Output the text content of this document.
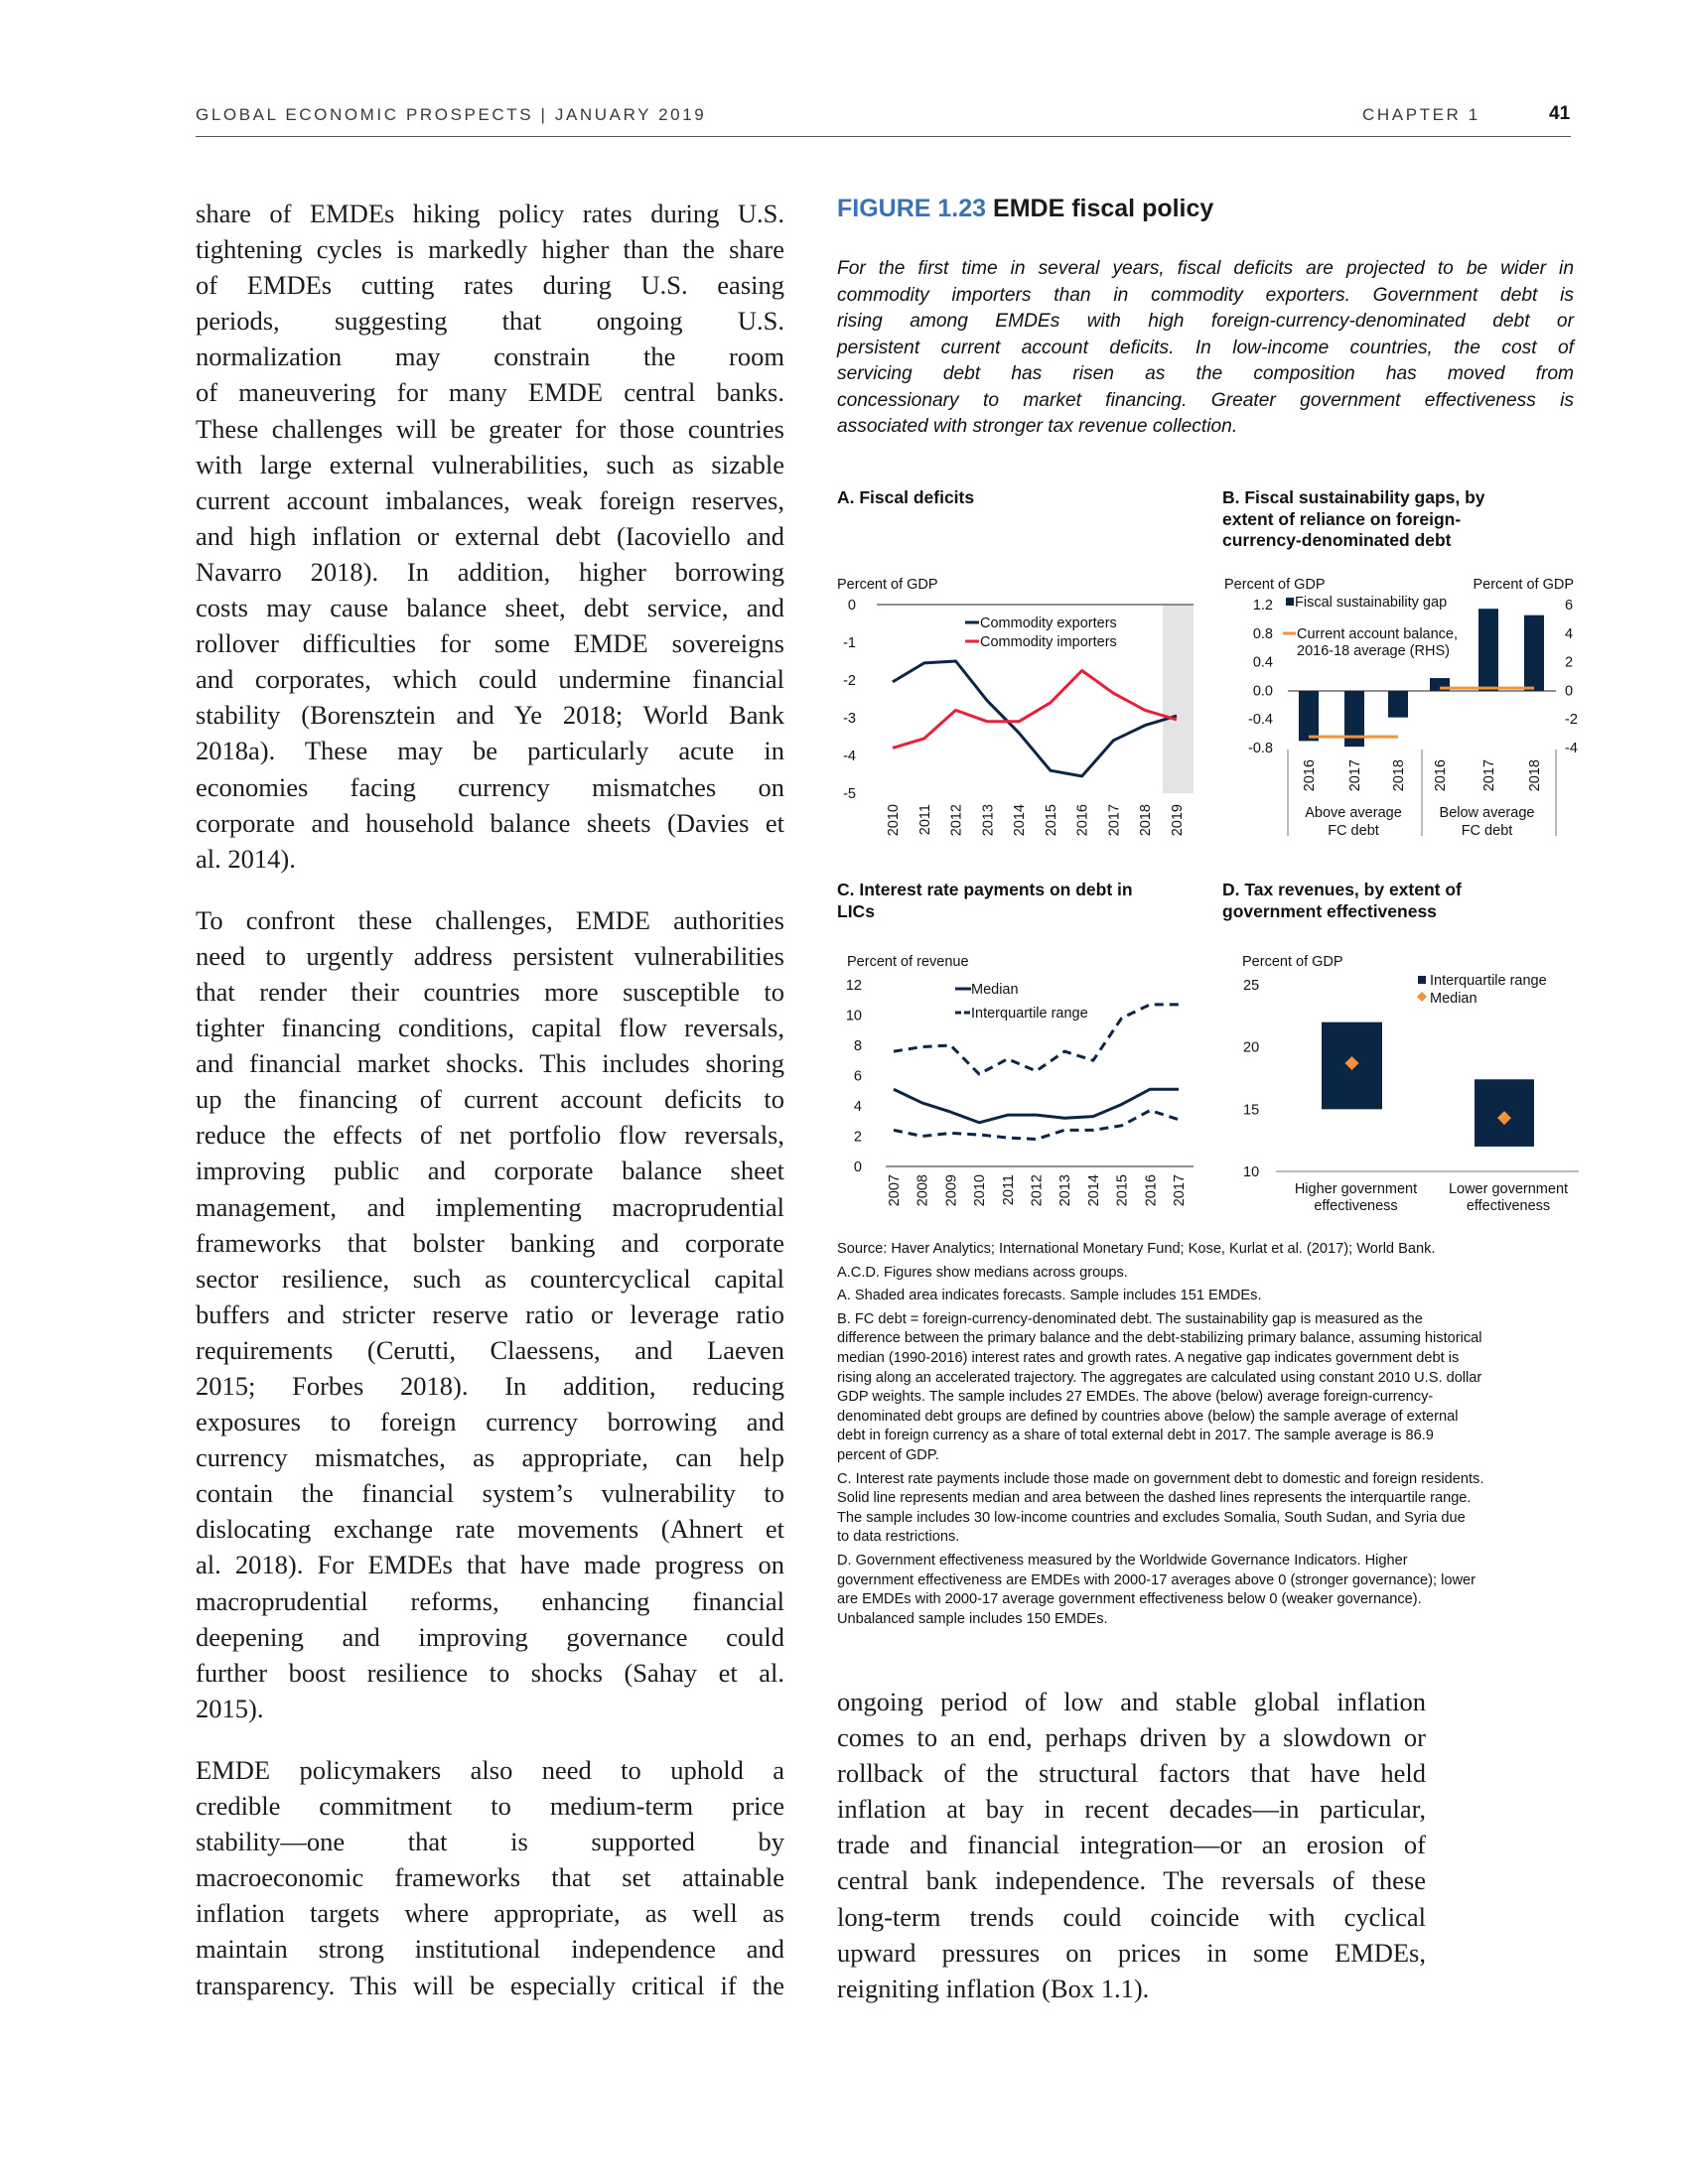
GLOBAL ECONOMIC PROSPECTS | JANUARY 2019	CHAPTER 1	41
share of EMDEs hiking policy rates during U.S.
tightening cycles is markedly higher than the share
of EMDEs cutting rates during U.S. easing
periods, suggesting that ongoing U.S.
normalization may constrain the room
of maneuvering for many EMDE central banks.
These challenges will be greater for those countries
with large external vulnerabilities, such as sizable
current account imbalances, weak foreign reserves,
and high inflation or external debt (Iacoviello and
Navarro 2018). In addition, higher borrowing
costs may cause balance sheet, debt service, and
rollover difficulties for some EMDE sovereigns
and corporates, which could undermine financial
stability (Borensztein and Ye 2018; World Bank
2018a). These may be particularly acute in
economies facing currency mismatches on
corporate and household balance sheets (Davies et
al. 2014).
To confront these challenges, EMDE authorities
need to urgently address persistent vulnerabilities
that render their countries more susceptible to
tighter financing conditions, capital flow reversals,
and financial market shocks. This includes shoring
up the financing of current account deficits to
reduce the effects of net portfolio flow reversals,
improving public and corporate balance sheet
management, and implementing macroprudential
frameworks that bolster banking and corporate
sector resilience, such as countercyclical capital
buffers and stricter reserve ratio or leverage ratio
requirements (Cerutti, Claessens, and Laeven
2015; Forbes 2018). In addition, reducing
exposures to foreign currency borrowing and
currency mismatches, as appropriate, can help
contain the financial system’s vulnerability to
dislocating exchange rate movements (Ahnert et
al. 2018). For EMDEs that have made progress on
macroprudential reforms, enhancing financial
deepening and improving governance could
further boost resilience to shocks (Sahay et al.
2015).
EMDE policymakers also need to uphold a
credible commitment to medium-term price
stability—one that is supported by
macroeconomic frameworks that set attainable
inflation targets where appropriate, as well as
maintain strong institutional independence and
transparency. This will be especially critical if the
ongoing period of low and stable global inflation
comes to an end, perhaps driven by a slowdown or
rollback of the structural factors that have held
inflation at bay in recent decades—in particular,
trade and financial integration—or an erosion of
central bank independence. The reversals of these
long-term trends could coincide with cyclical
upward pressures on prices in some EMDEs,
reigniting inflation (Box 1.1).
FIGURE 1.23 EMDE fiscal policy
For the first time in several years, fiscal deficits are projected to be wider in
commodity importers than in commodity exporters. Government debt is
rising among EMDEs with high foreign-currency-denominated debt or
persistent current account deficits. In low-income countries, the cost of
servicing debt has risen as the composition has moved from
concessionary to market financing. Greater government effectiveness is
associated with stronger tax revenue collection.
A. Fiscal deficits	B. Fiscal sustainability gaps, by
extent of reliance on foreign-
currency-denominated debt
C. Interest rate payments on debt in
LICs
D. Tax revenues, by extent of
government effectiveness
Percent of GDP
0
-1
-2
-3
-4
-5
2010 2011 2012 2013 2014 2015 2016 2017 2018 2019
Commodity exporters
Commodity importers
Percent of GDP	Percent of GDP
1.2
0.8
0.4
0.0
-0.4
-0.8
6
4
2
0
-2
-4
2016 2017 2018
Above average
FC debt
2016 2017 2018
Below average
FC debt
Fiscal sustainability gap
Current account balance,
2016-18 average (RHS)
Percent of revenue
12
10
8
6
4
2
0
2007 2008 2009 2010 2011 2012 2013 2014 2015 2016 2017
Median
Interquartile range
Percent of GDP
25
20
15
10
Higher government
effectiveness
Lower government
effectiveness
Interquartile range
Median
Source: Haver Analytics; International Monetary Fund; Kose, Kurlat et al. (2017); World Bank.
A.C.D. Figures show medians across groups.
A. Shaded area indicates forecasts. Sample includes 151 EMDEs.
B. FC debt = foreign-currency-denominated debt. The sustainability gap is measured as the
difference between the primary balance and the debt-stabilizing primary balance, assuming historical
median (1990-2016) interest rates and growth rates. A negative gap indicates government debt is
rising along an accelerated trajectory. The aggregates are calculated using constant 2010 U.S. dollar
GDP weights. The sample includes 27 EMDEs. The above (below) average foreign-currency-
denominated debt groups are defined by countries above (below) the sample average of external
debt in foreign currency as a share of total external debt in 2017. The sample average is 86.9
percent of GDP.
C. Interest rate payments include those made on government debt to domestic and foreign residents.
Solid line represents median and area between the dashed lines represents the interquartile range.
The sample includes 30 low-income countries and excludes Somalia, South Sudan, and Syria due
to data restrictions.
D. Government effectiveness measured by the Worldwide Governance Indicators. Higher
government effectiveness are EMDEs with 2000-17 averages above 0 (stronger governance); lower
are EMDEs with 2000-17 average government effectiveness below 0 (weaker governance).
Unbalanced sample includes 150 EMDEs.
